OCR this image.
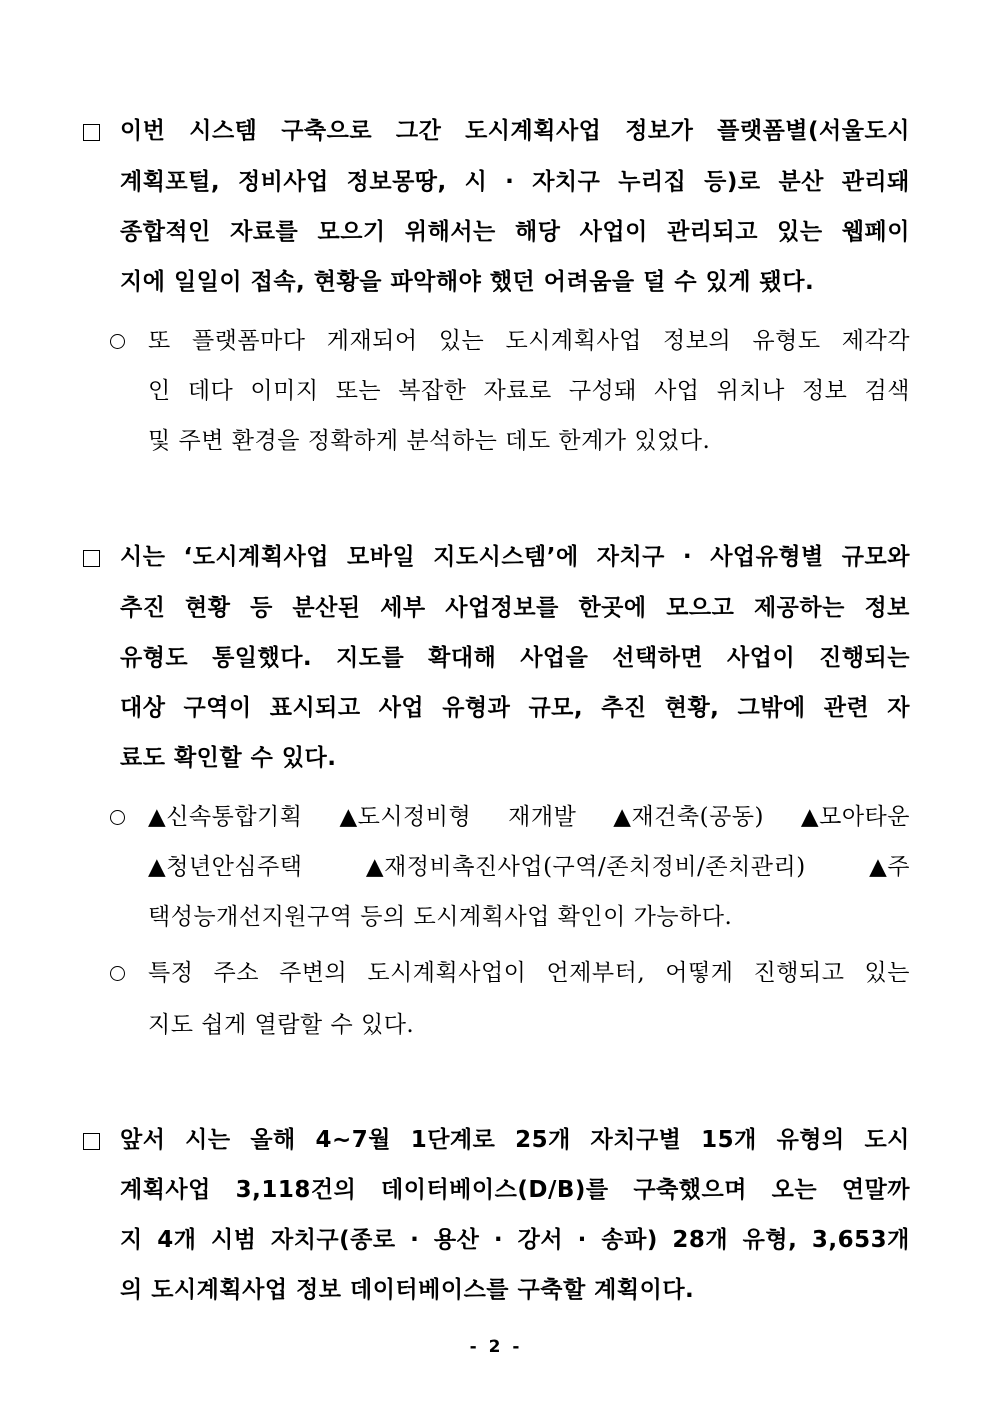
이번 시스템 구축으로 그간 도시계획사업 정보가 플랫폼별(서울도시
계획포털, 정비사업 정보몽땅, 시 · 자치구 누리집 등)로 분산 관리돼
종합적인 자료를 모으기 위해서는 해당 사업이 관리되고 있는 웹페이
지에 일일이 접속, 현황을 파악해야 했던 어려움을 덜 수 있게 됐다.
또 플랫폼마다 게재되어 있는 도시계획사업 정보의 유형도 제각각
인 데다 이미지 또는 복잡한 자료로 구성돼 사업 위치나 정보 검색
및 주변 환경을 정확하게 분석하는 데도 한계가 있었다.
시는 ‘도시계획사업 모바일 지도시스템’에 자치구 · 사업유형별 규모와
추진 현황 등 분산된 세부 사업정보를 한곳에 모으고 제공하는 정보
유형도 통일했다. 지도를 확대해 사업을 선택하면 사업이 진행되는
대상 구역이 표시되고 사업 유형과 규모, 추진 현황, 그밖에 관련 자
료도 확인할 수 있다.
▲신속통합기획 ▲도시정비형 재개발 ▲재건축(공동) ▲모아타운
▲청년안심주택	▲재정비촉진사업(구역/존치정비/존치관리)	▲주
택성능개선지원구역 등의 도시계획사업 확인이 가능하다.
특정 주소 주변의 도시계획사업이 언제부터, 어떻게 진행되고 있는
지도 쉽게 열람할 수 있다.
앞서 시는 올해 4~7월 1단계로 25개 자치구별 15개 유형의 도시
계획사업 3,118건의 데이터베이스(D/B)를 구축했으며 오는 연말까
지 4개 시범 자치구(종로 · 용산 · 강서 · 송파) 28개 유형, 3,653개
의 도시계획사업 정보 데이터베이스를 구축할 계획이다.
- 2 -
